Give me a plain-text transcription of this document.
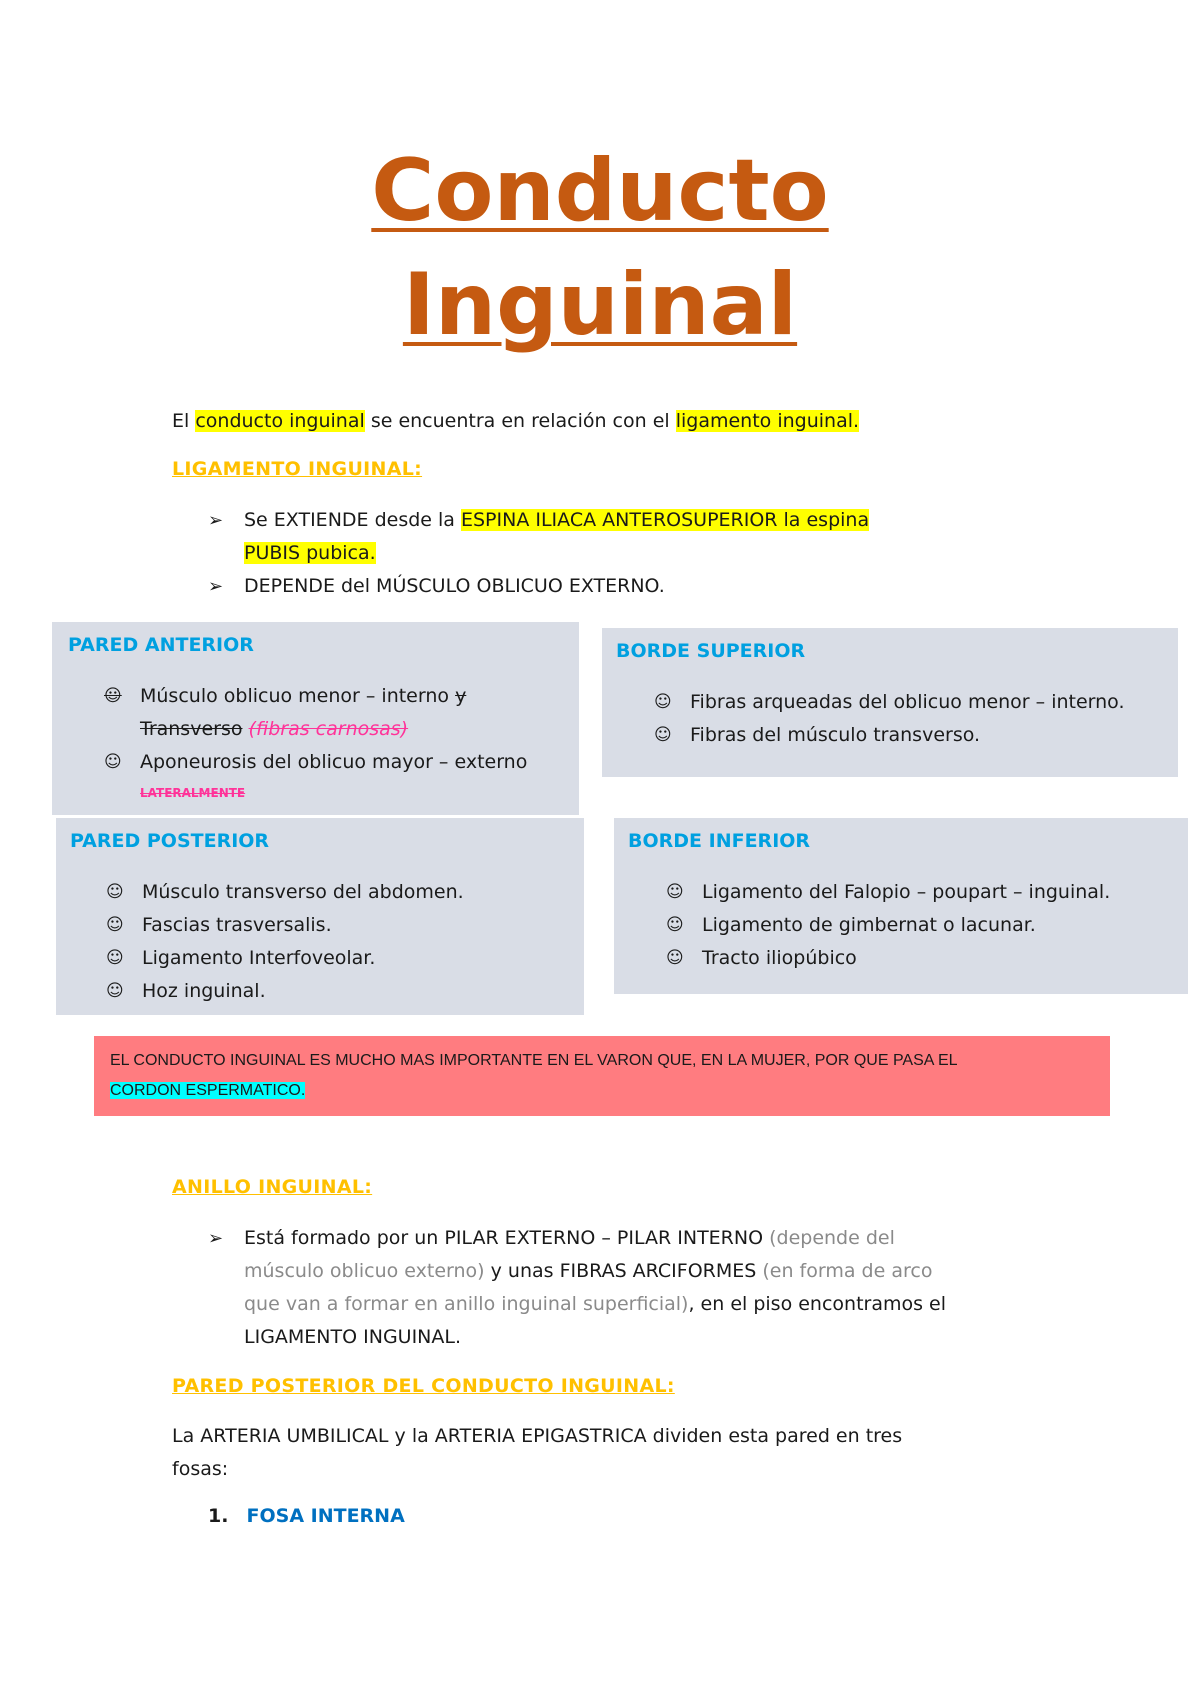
Conducto
Inguinal
El conducto inguinal se encuentra en relación con el ligamento inguinal.
LIGAMENTO INGUINAL:
➢ Se EXTIENDE desde la ESPINA ILIACA ANTEROSUPERIOR la espina
PUBIS pubica.
➢ DEPENDE del MÚSCULO OBLICUO EXTERNO.
PARED ANTERIOR
☺ Músculo oblicuo menor – interno y
Transverso (fibras carnosas)
☺ Aponeurosis del oblicuo mayor – externo
LATERALMENTE
BORDE SUPERIOR
☺ Fibras arqueadas del oblicuo menor – interno.
☺ Fibras del músculo transverso.
PARED POSTERIOR
☺ Músculo transverso del abdomen.
☺ Fascias trasversalis.
☺ Ligamento Interfoveolar.
☺ Hoz inguinal.
BORDE INFERIOR
☺ Ligamento del Falopio – poupart – inguinal.
☺ Ligamento de gimbernat o lacunar.
☺ Tracto iliopúbico
EL CONDUCTO INGUINAL ES MUCHO MAS IMPORTANTE EN EL VARON QUE, EN LA MUJER, POR QUE PASA EL
CORDON ESPERMATICO.
ANILLO INGUINAL:
➢ Está formado por un PILAR EXTERNO – PILAR INTERNO (depende del
músculo oblicuo externo) y unas FIBRAS ARCIFORMES (en forma de arco
que van a formar en anillo inguinal superficial), en el piso encontramos el
LIGAMENTO INGUINAL.
PARED POSTERIOR DEL CONDUCTO INGUINAL:
La ARTERIA UMBILICAL y la ARTERIA EPIGASTRICA dividen esta pared en tres
fosas:
1. FOSA INTERNA
